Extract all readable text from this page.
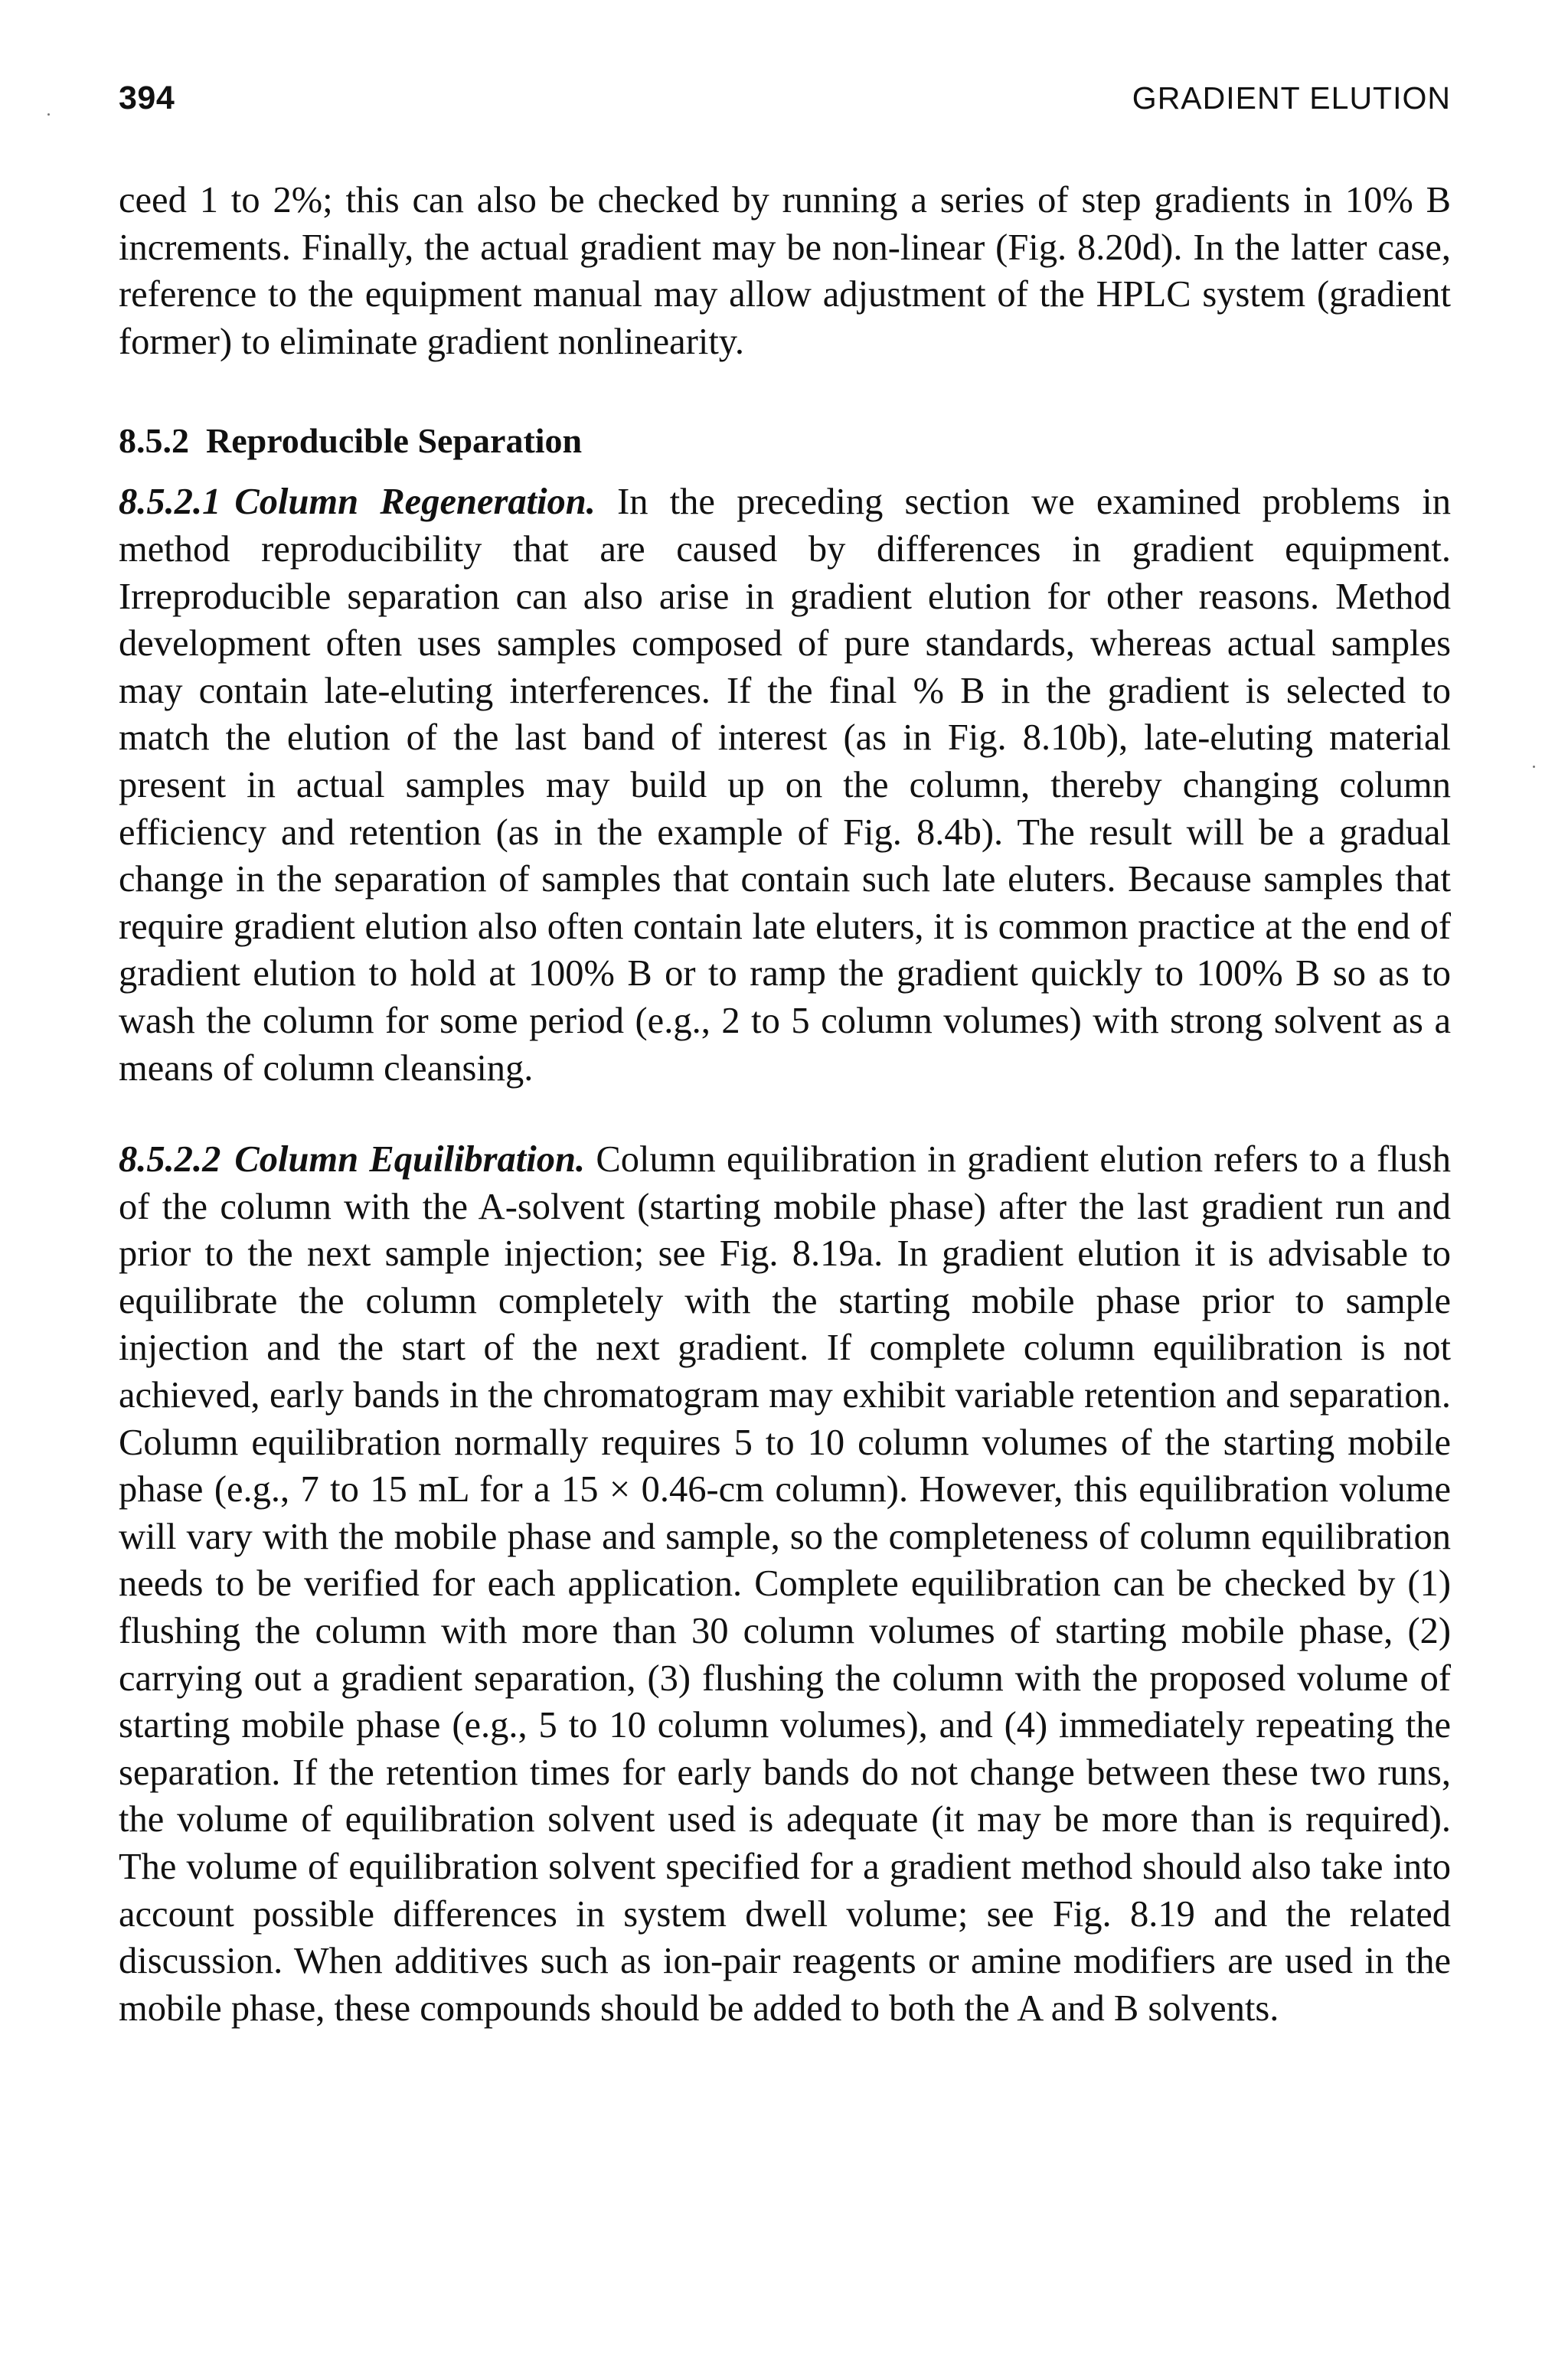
394	GRADIENT ELUTION

ceed 1 to 2%; this can also be checked by running a series of step gradients in 10% B increments. Finally, the actual gradient may be non-linear (Fig. 8.20d). In the latter case, reference to the equipment manual may allow adjustment of the HPLC system (gradient former) to eliminate gradient nonlinearity.

8.5.2 Reproducible Separation

8.5.2.1 Column Regeneration. In the preceding section we examined problems in method reproducibility that are caused by differences in gradient equipment. Irreproducible separation can also arise in gradient elution for other reasons. Method development often uses samples composed of pure standards, whereas actual samples may contain late-eluting interferences. If the final % B in the gradient is selected to match the elution of the last band of interest (as in Fig. 8.10b), late-eluting material present in actual samples may build up on the column, thereby changing column efficiency and retention (as in the example of Fig. 8.4b). The result will be a gradual change in the separation of samples that contain such late eluters. Because samples that require gradient elution also often contain late eluters, it is common practice at the end of gradient elution to hold at 100% B or to ramp the gradient quickly to 100% B so as to wash the column for some period (e.g., 2 to 5 column volumes) with strong solvent as a means of column cleansing.

8.5.2.2 Column Equilibration. Column equilibration in gradient elution refers to a flush of the column with the A-solvent (starting mobile phase) after the last gradient run and prior to the next sample injection; see Fig. 8.19a. In gradient elution it is advisable to equilibrate the column completely with the starting mobile phase prior to sample injection and the start of the next gradient. If complete column equilibration is not achieved, early bands in the chromatogram may exhibit variable retention and separation. Column equilibration normally requires 5 to 10 column volumes of the starting mobile phase (e.g., 7 to 15 mL for a 15 × 0.46-cm column). However, this equilibration volume will vary with the mobile phase and sample, so the completeness of column equilibration needs to be verified for each application. Complete equilibration can be checked by (1) flushing the column with more than 30 column volumes of starting mobile phase, (2) carrying out a gradient separation, (3) flushing the column with the proposed volume of starting mobile phase (e.g., 5 to 10 column volumes), and (4) immediately repeating the separation. If the retention times for early bands do not change between these two runs, the volume of equilibration solvent used is adequate (it may be more than is required). The volume of equilibration solvent specified for a gradient method should also take into account possible differences in system dwell volume; see Fig. 8.19 and the related discussion. When additives such as ion-pair reagents or amine modifiers are used in the mobile phase, these compounds should be added to both the A and B solvents.
